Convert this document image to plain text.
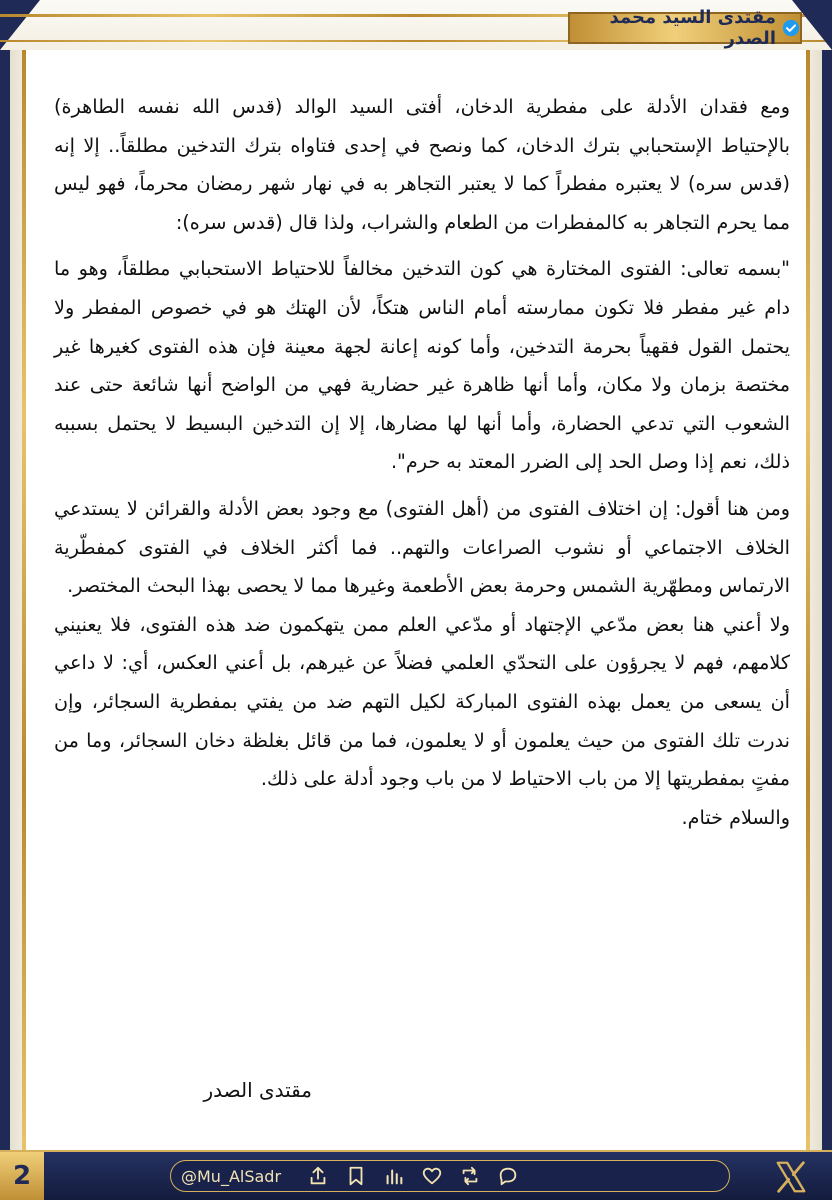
مقتدى السيد محمد الصدر

ومع فقدان الأدلة على مفطرية الدخان، أفتى السيد الوالد (قدس الله نفسه الطاهرة) بالإحتياط الإستحبابي بترك الدخان، كما ونصح في إحدى فتاواه بترك التدخين مطلقاً.. إلا إنه (قدس سره) لا يعتبره مفطراً كما لا يعتبر التجاهر به في نهار شهر رمضان محرماً، فهو ليس مما يحرم التجاهر به كالمفطرات من الطعام والشراب، ولذا قال (قدس سره):

"بسمه تعالى: الفتوى المختارة هي كون التدخين مخالفاً للاحتياط الاستحبابي مطلقاً، وهو ما دام غير مفطر فلا تكون ممارسته أمام الناس هتكاً، لأن الهتك هو في خصوص المفطر ولا يحتمل القول فقهياً بحرمة التدخين، وأما كونه إعانة لجهة معينة فإن هذه الفتوى كغيرها غير مختصة بزمان ولا مكان، وأما أنها ظاهرة غير حضارية فهي من الواضح أنها شائعة حتى عند الشعوب التي تدعي الحضارة، وأما أنها لها مضارها، إلا إن التدخين البسيط لا يحتمل بسببه ذلك، نعم إذا وصل الحد إلى الضرر المعتد به حرم".

ومن هنا أقول: إن اختلاف الفتوى من (أهل الفتوى) مع وجود بعض الأدلة والقرائن لا يستدعي الخلاف الاجتماعي أو نشوب الصراعات والتهم.. فما أكثر الخلاف في الفتوى كمفطّرية الارتماس ومطهّرية الشمس وحرمة بعض الأطعمة وغيرها مما لا يحصى بهذا البحث المختصر.

ولا أعني هنا بعض مدّعي الإجتهاد أو مدّعي العلم ممن يتهكمون ضد هذه الفتوى، فلا يعنيني كلامهم، فهم لا يجرؤون على التحدّي العلمي فضلاً عن غيرهم، بل أعني العكس، أي: لا داعي أن يسعى من يعمل بهذه الفتوى المباركة لكيل التهم ضد من يفتي بمفطرية السجائر، وإن ندرت تلك الفتوى من حيث يعلمون أو لا يعلمون، فما من قائل بغلظة دخان السجائر، وما من مفتٍ بمفطريتها إلا من باب الاحتياط لا من باب وجود أدلة على ذلك.

والسلام ختام.

مقتدى الصدر
2	@Mu_AlSadr
